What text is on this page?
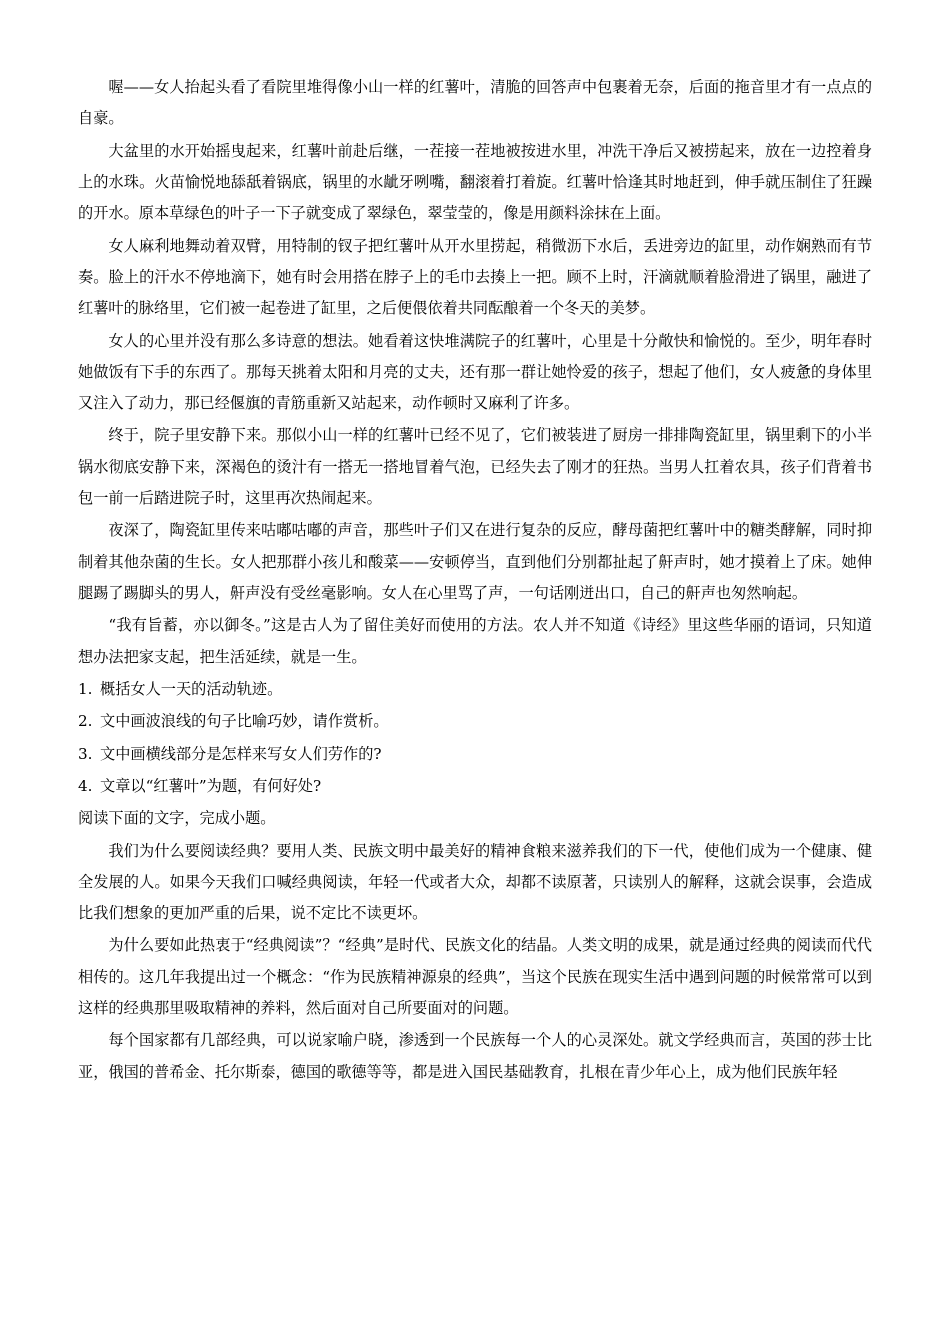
喔——女人抬起头看了看院里堆得像小山一样的红薯叶，清脆的回答声中包裹着无奈，后面的拖音里才有一点点的自豪。

大盆里的水开始摇曳起来，红薯叶前赴后继，一茬接一茬地被按进水里，冲洗干净后又被捞起来，放在一边控着身上的水珠。火苗愉悦地舔舐着锅底，锅里的水龇牙咧嘴，翻滚着打着旋。红薯叶恰逢其时地赶到，伸手就压制住了狂躁的开水。原本草绿色的叶子一下子就变成了翠绿色，翠莹莹的，像是用颜料涂抹在上面。

女人麻利地舞动着双臂，用特制的钗子把红薯叶从开水里捞起，稍微沥下水后，丢进旁边的缸里，动作娴熟而有节奏。脸上的汗水不停地滴下，她有时会用搭在脖子上的毛巾去揍上一把。顾不上时，汗滴就顺着脸滑进了锅里，融进了红薯叶的脉络里，它们被一起卷进了缸里，之后便偎依着共同酝酿着一个冬天的美梦。

女人的心里并没有那么多诗意的想法。她看着这快堆满院子的红薯叶，心里是十分敞快和愉悦的。至少，明年春时她做饭有下手的东西了。那每天挑着太阳和月亮的丈夫，还有那一群让她怜爱的孩子，想起了他们，女人疲惫的身体里又注入了动力，那已经偃旗的青筋重新又站起来，动作顿时又麻利了许多。

终于，院子里安静下来。那似小山一样的红薯叶已经不见了，它们被装进了厨房一排排陶瓷缸里，锅里剩下的小半锅水彻底安静下来，深褐色的烫汁有一搭无一搭地冒着气泡，已经失去了刚才的狂热。当男人扛着农具，孩子们背着书包一前一后踏进院子时，这里再次热闹起来。

夜深了，陶瓷缸里传来咕嘟咕嘟的声音，那些叶子们又在进行复杂的反应，酵母菌把红薯叶中的糖类酵解，同时抑制着其他杂菌的生长。女人把那群小孩儿和酸菜——安顿停当，直到他们分别都扯起了鼾声时，她才摸着上了床。她伸腿踢了踢脚头的男人，鼾声没有受丝毫影响。女人在心里骂了声，一句话刚迸出口，自己的鼾声也匆然响起。

“我有旨蓄，亦以御冬。”这是古人为了留住美好而使用的方法。农人并不知道《诗经》里这些华丽的语词，只知道想办法把家支起，把生活延续，就是一生。

1. 概括女人一天的活动轨迹。
2. 文中画波浪线的句子比喻巧妙，请作赏析。
3. 文中画横线部分是怎样来写女人们劳作的?
4. 文章以“红薯叶”为题，有何好处?

阅读下面的文字，完成小题。

我们为什么要阅读经典？要用人类、民族文明中最美好的精神食粮来滋养我们的下一代，使他们成为一个健康、健全发展的人。如果今天我们口喊经典阅读，年轻一代或者大众，却都不读原著，只读别人的解释，这就会误事，会造成比我们想象的更加严重的后果，说不定比不读更坏。

为什么要如此热衷于“经典阅读”？“经典”是时代、民族文化的结晶。人类文明的成果，就是通过经典的阅读而代代相传的。这几年我提出过一个概念：“作为民族精神源泉的经典”，当这个民族在现实生活中遇到问题的时候常常可以到这样的经典那里吸取精神的养料，然后面对自己所要面对的问题。

每个国家都有几部经典，可以说家喻户晓，渗透到一个民族每一个人的心灵深处。就文学经典而言，英国的莎士比亚，俄国的普希金、托尔斯泰，德国的歌德等等，都是进入国民基础教育，扎根在青少年心上，成为他们民族年轻
